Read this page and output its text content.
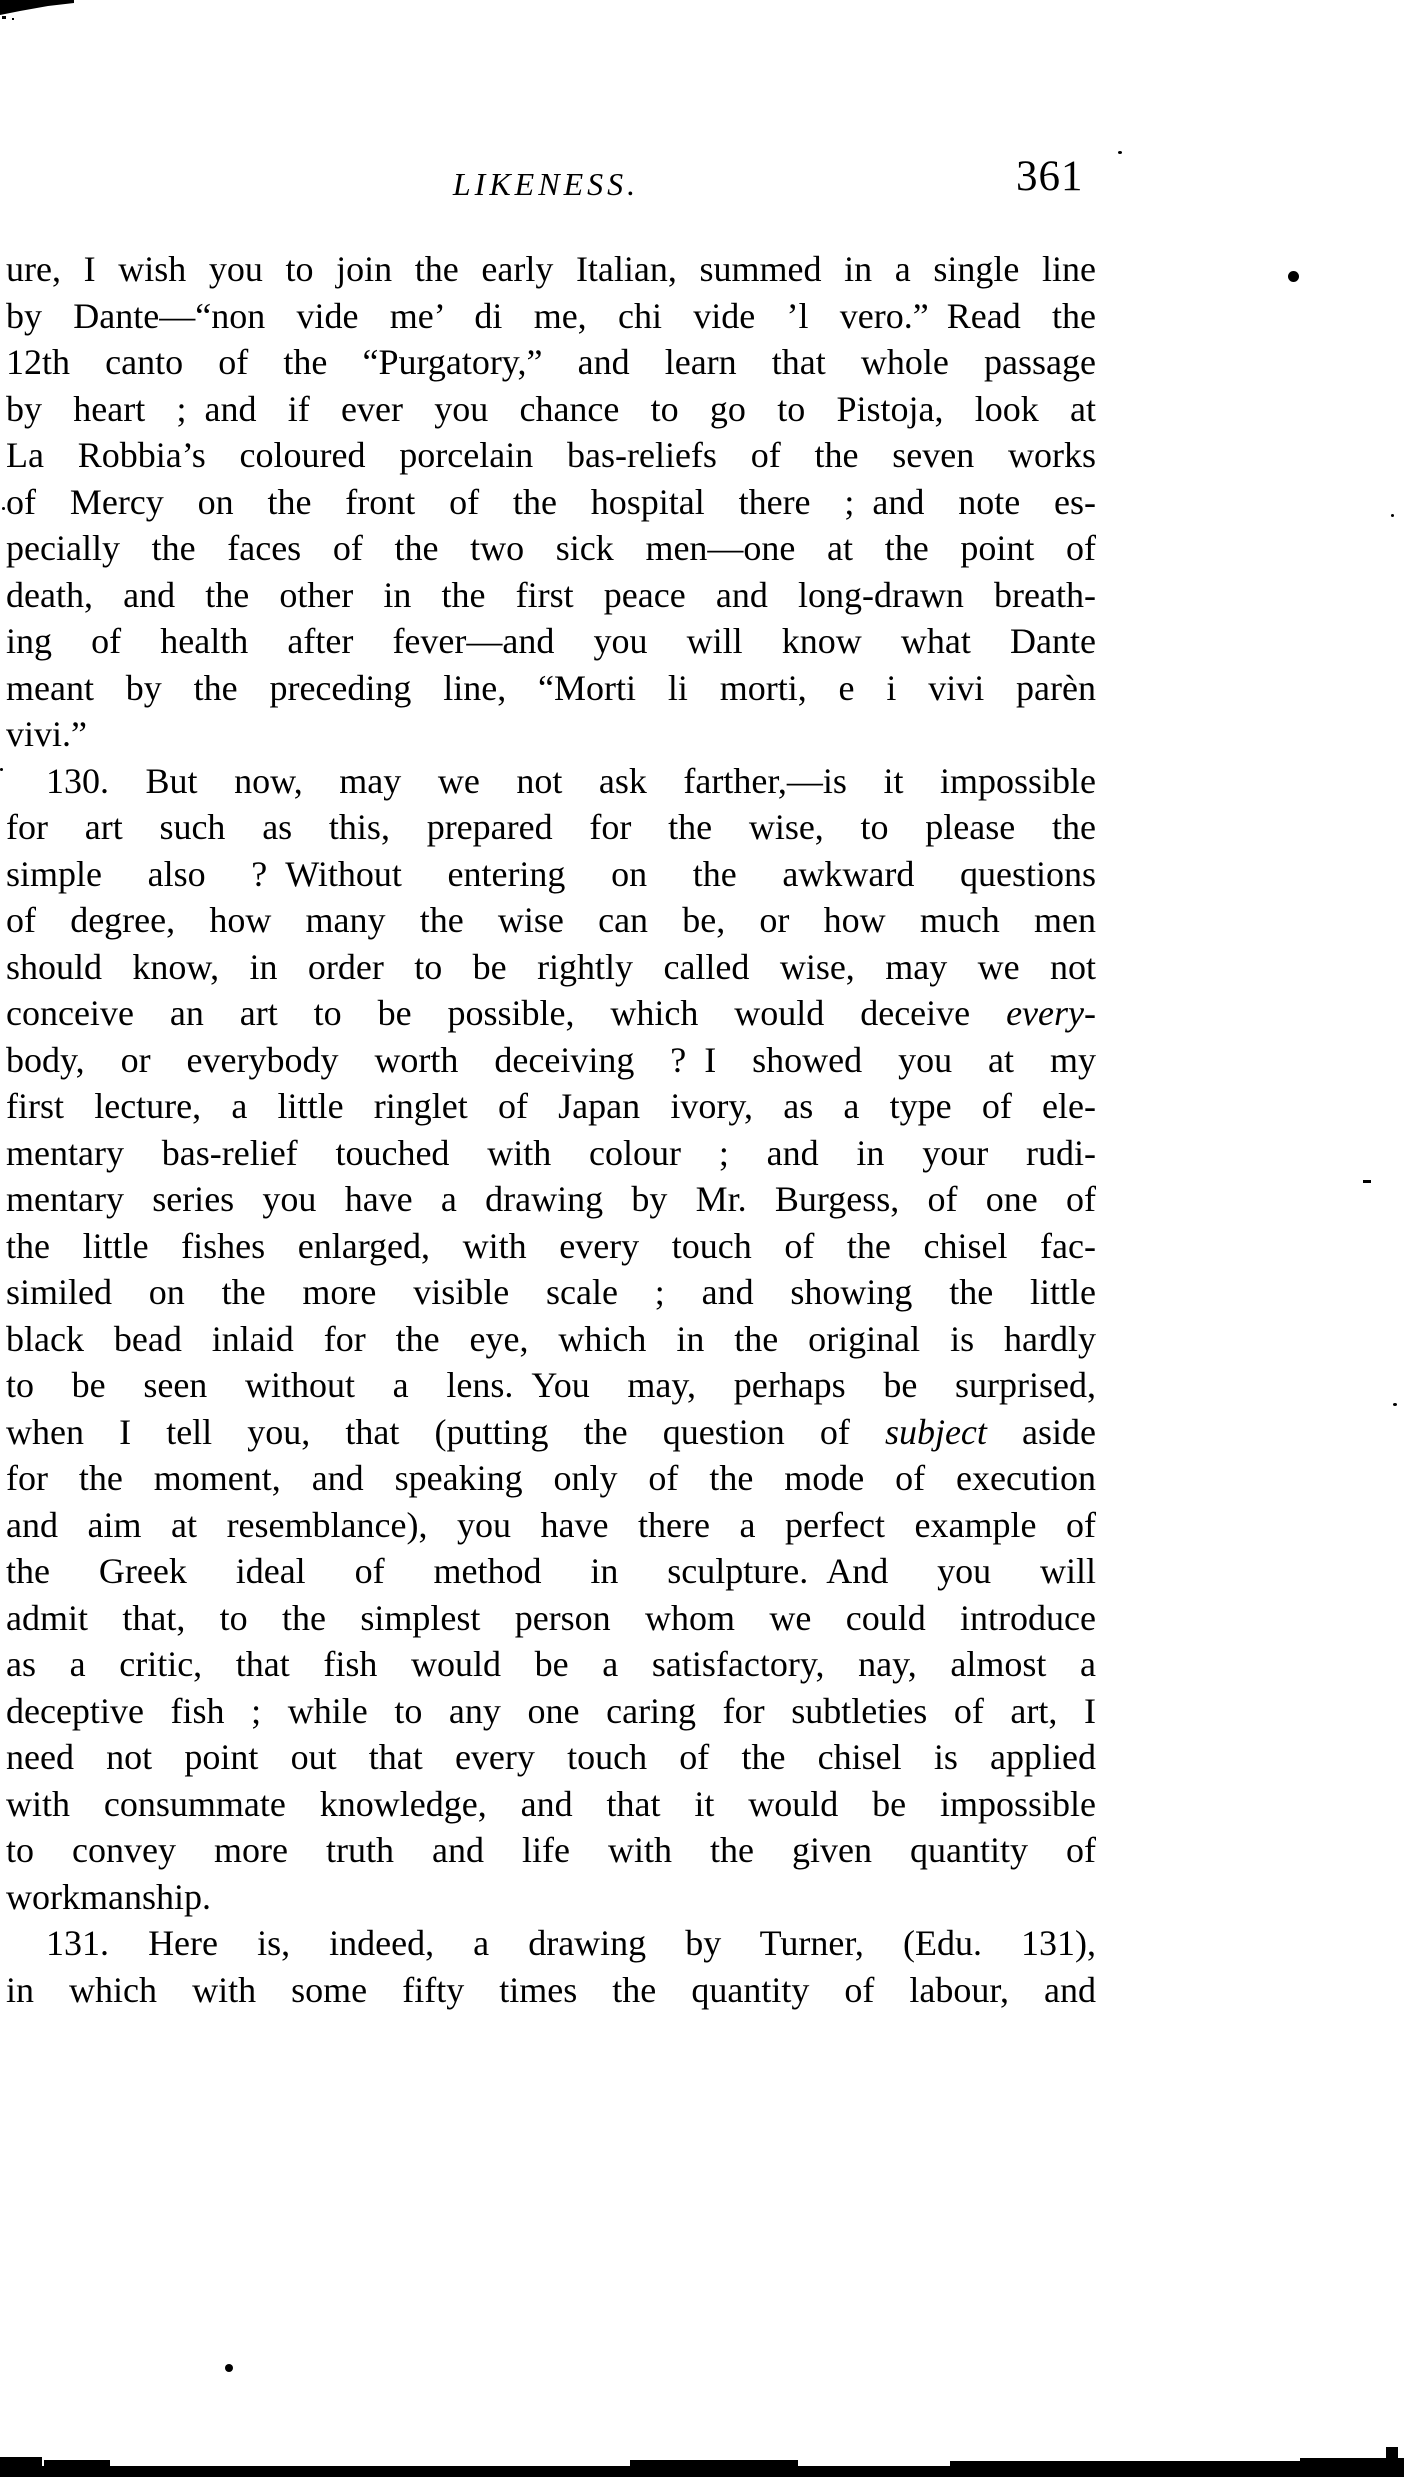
LIKENESS.	361
ure, I wish you to join the early Italian, summed in a single line
by Dante—“non vide me’ di me, chi vide ’l vero.” Read the
12th canto of the “Purgatory,” and learn that whole passage
by heart ; and if ever you chance to go to Pistoja, look at
La Robbia’s coloured porcelain bas-reliefs of the seven works
of Mercy on the front of the hospital there ; and note es-
pecially the faces of the two sick men—one at the point of
death, and the other in the first peace and long-drawn breath-
ing of health after fever—and you will know what Dante
meant by the preceding line, “Morti li morti, e i vivi parèn
vivi.”
130. But now, may we not ask farther,—is it impossible
for art such as this, prepared for the wise, to please the
simple also ? Without entering on the awkward questions
of degree, how many the wise can be, or how much men
should know, in order to be rightly called wise, may we not
conceive an art to be possible, which would deceive every-
body, or everybody worth deceiving ? I showed you at my
first lecture, a little ringlet of Japan ivory, as a type of ele-
mentary bas-relief touched with colour ; and in your rudi-
mentary series you have a drawing by Mr. Burgess, of one of
the little fishes enlarged, with every touch of the chisel fac-
similed on the more visible scale ; and showing the little
black bead inlaid for the eye, which in the original is hardly
to be seen without a lens. You may, perhaps be surprised,
when I tell you, that (putting the question of subject aside
for the moment, and speaking only of the mode of execution
and aim at resemblance), you have there a perfect example of
the Greek ideal of method in sculpture. And you will
admit that, to the simplest person whom we could introduce
as a critic, that fish would be a satisfactory, nay, almost a
deceptive fish ; while to any one caring for subtleties of art, I
need not point out that every touch of the chisel is applied
with consummate knowledge, and that it would be impossible
to convey more truth and life with the given quantity of
workmanship.
131. Here is, indeed, a drawing by Turner, (Edu. 131),
in which with some fifty times the quantity of labour, and
